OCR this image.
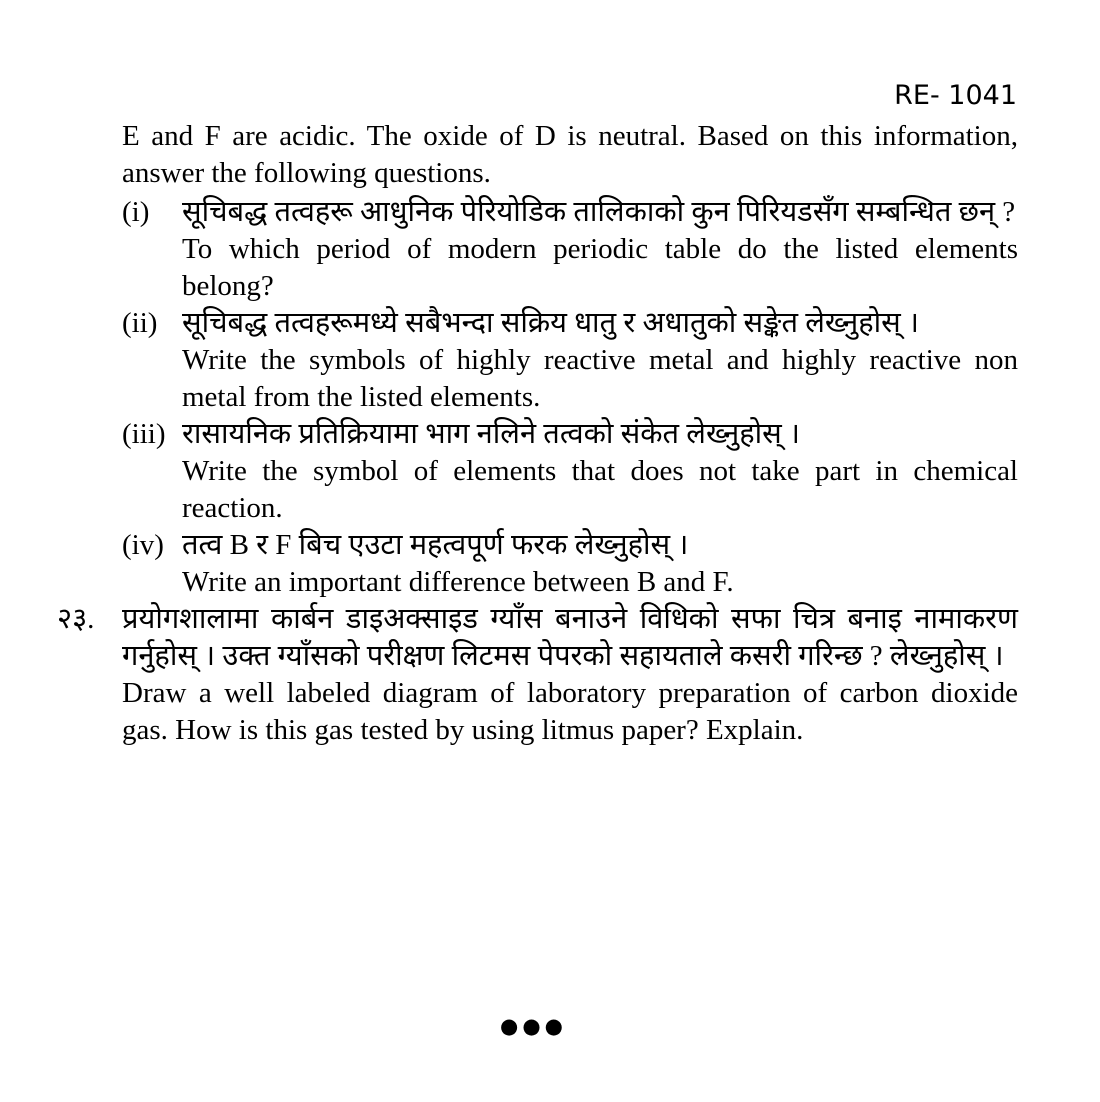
RE- 1041

E and F are acidic. The oxide of D is neutral. Based on this information, answer the following questions.

(i)	सूचिबद्ध तत्वहरू आधुनिक पेरियोडिक तालिकाको कुन पिरियडसँग सम्बन्धित छन् ?
To which period of modern periodic table do the listed elements belong?
(ii) सूचिबद्ध तत्वहरूमध्ये सबैभन्दा सक्रिय धातु र अधातुको सङ्केत लेख्नुहोस् ।
Write the symbols of highly reactive metal and highly reactive non metal from the listed elements.
(iii) रासायनिक प्रतिक्रियामा भाग नलिने तत्वको संकेत लेख्नुहोस् ।
Write the symbol of elements that does not take part in chemical reaction.
(iv) तत्व B र F बिच एउटा महत्वपूर्ण फरक लेख्नुहोस् ।
Write an important difference between B and F.
२३. प्रयोगशालामा कार्बन डाइअक्साइड ग्याँस बनाउने विधिको सफा चित्र बनाइ नामाकरण गर्नुहोस् । उक्त ग्याँसको परीक्षण लिटमस पेपरको सहायताले कसरी गरिन्छ ? लेख्नुहोस् ।
Draw a well labeled diagram of laboratory preparation of carbon dioxide gas. How is this gas tested by using litmus paper? Explain.
●●●
